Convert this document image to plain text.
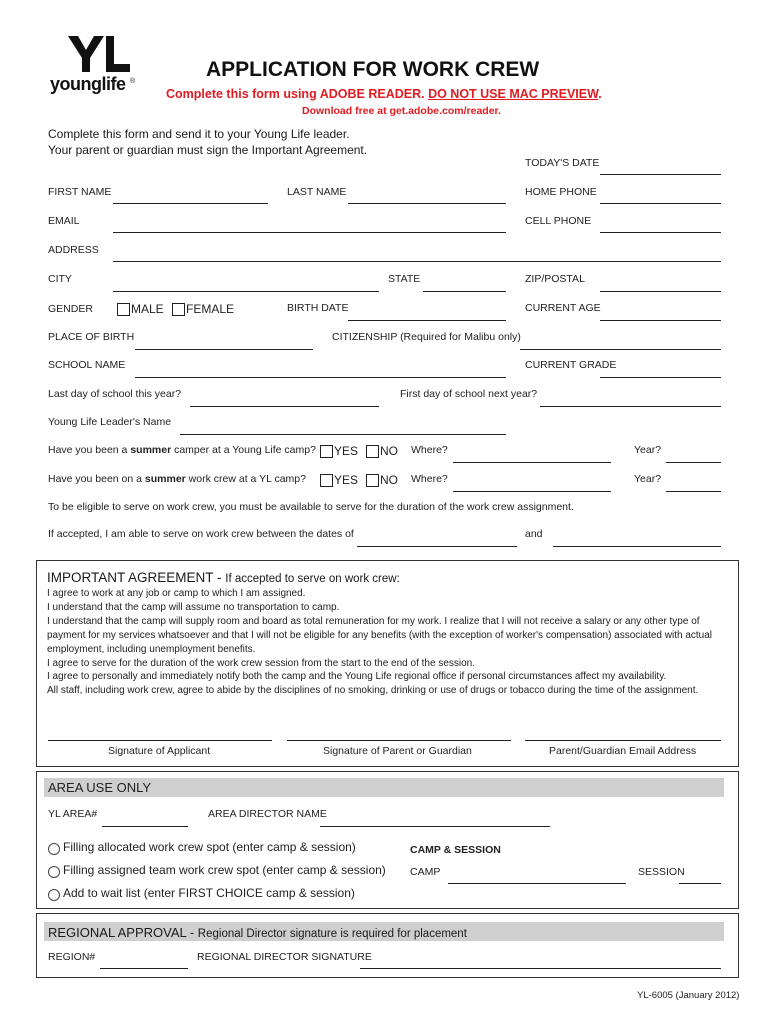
younglife ®
APPLICATION FOR WORK CREW
Complete this form using ADOBE READER. DO NOT USE MAC PREVIEW.
Download free at get.adobe.com/reader.
Complete this form and send it to your Young Life leader.
Your parent or guardian must sign the Important Agreement.
TODAY'S DATE
FIRST NAME	LAST NAME	HOME PHONE
EMAIL	CELL PHONE
ADDRESS
CITY	STATE	ZIP/POSTAL
GENDER	MALE FEMALE	BIRTH DATE	CURRENT AGE
PLACE OF BIRTH	CITIZENSHIP (Required for Malibu only)
SCHOOL NAME	CURRENT GRADE
Last day of school this year?	First day of school next year?
Young Life Leader's Name
Have you been a summer camper at a Young Life camp? YES NO Where?	Year?
Have you been on a summer work crew at a YL camp? YES NO Where?	Year?
To be eligible to serve on work crew, you must be available to serve for the duration of the work crew assignment.
If accepted, I am able to serve on work crew between the dates of	and
IMPORTANT AGREEMENT - If accepted to serve on work crew:
I agree to work at any job or camp to which I am assigned.
I understand that the camp will assume no transportation to camp.
I understand that the camp will supply room and board as total remuneration for my work. I realize that I will not receive a salary or any other type of payment for my services whatsoever and that I will not be eligible for any benefits (with the exception of worker's compensation) associated with actual employment, including unemployment benefits.
I agree to serve for the duration of the work crew session from the start to the end of the session.
I agree to personally and immediately notify both the camp and the Young Life regional office if personal circumstances affect my availability.
All staff, including work crew, agree to abide by the disciplines of no smoking, drinking or use of drugs or tobacco during the time of the assignment.
Signature of Applicant	Signature of Parent or Guardian	Parent/Guardian Email Address
AREA USE ONLY
YL AREA#	AREA DIRECTOR NAME
Filling allocated work crew spot (enter camp & session)
Filling assigned team work crew spot (enter camp & session)
Add to wait list (enter FIRST CHOICE camp & session)
CAMP & SESSION
CAMP	SESSION
REGIONAL APPROVAL - Regional Director signature is required for placement
REGION#	REGIONAL DIRECTOR SIGNATURE
YL-6005 (January 2012)
